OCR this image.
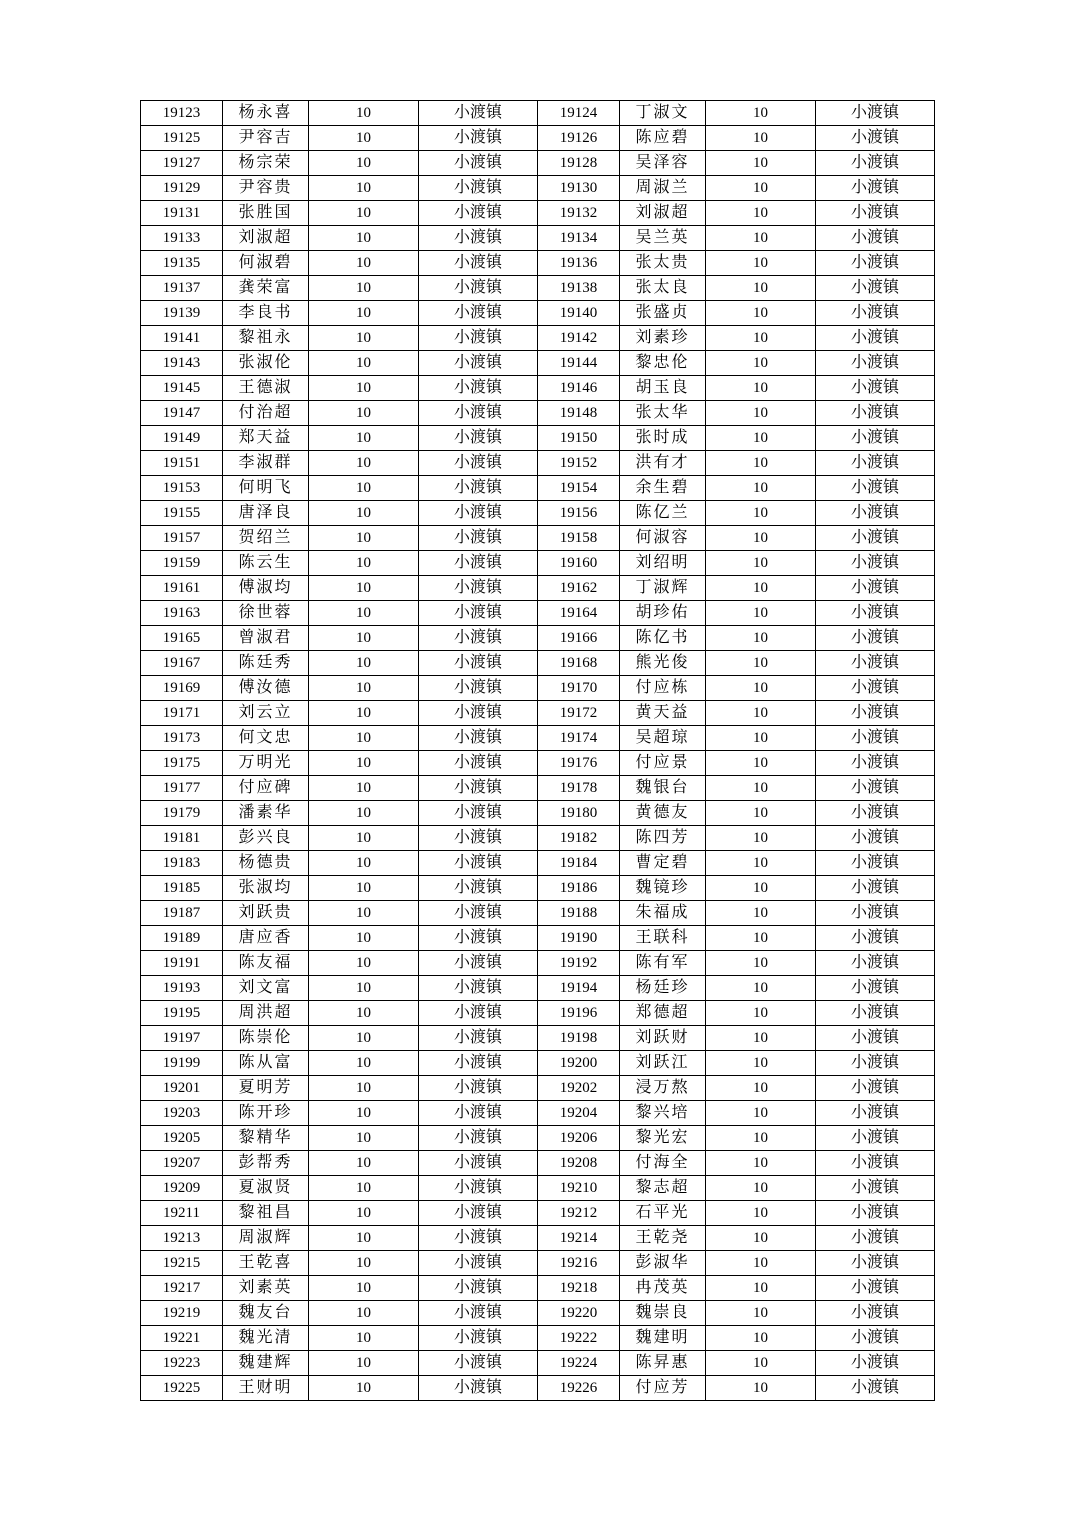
19123	杨永喜	10	小渡镇	19124	丁淑文	10	小渡镇
19125	尹容吉	10	小渡镇	19126	陈应碧	10	小渡镇
19127	杨宗荣	10	小渡镇	19128	吴泽容	10	小渡镇
19129	尹容贵	10	小渡镇	19130	周淑兰	10	小渡镇
19131	张胜国	10	小渡镇	19132	刘淑超	10	小渡镇
19133	刘淑超	10	小渡镇	19134	吴兰英	10	小渡镇
19135	何淑碧	10	小渡镇	19136	张太贵	10	小渡镇
19137	龚荣富	10	小渡镇	19138	张太良	10	小渡镇
19139	李良书	10	小渡镇	19140	张盛贞	10	小渡镇
19141	黎祖永	10	小渡镇	19142	刘素珍	10	小渡镇
19143	张淑伦	10	小渡镇	19144	黎忠伦	10	小渡镇
19145	王德淑	10	小渡镇	19146	胡玉良	10	小渡镇
19147	付治超	10	小渡镇	19148	张太华	10	小渡镇
19149	郑天益	10	小渡镇	19150	张时成	10	小渡镇
19151	李淑群	10	小渡镇	19152	洪有才	10	小渡镇
19153	何明飞	10	小渡镇	19154	余生碧	10	小渡镇
19155	唐泽良	10	小渡镇	19156	陈亿兰	10	小渡镇
19157	贺绍兰	10	小渡镇	19158	何淑容	10	小渡镇
19159	陈云生	10	小渡镇	19160	刘绍明	10	小渡镇
19161	傅淑均	10	小渡镇	19162	丁淑辉	10	小渡镇
19163	徐世蓉	10	小渡镇	19164	胡珍佑	10	小渡镇
19165	曾淑君	10	小渡镇	19166	陈亿书	10	小渡镇
19167	陈廷秀	10	小渡镇	19168	熊光俊	10	小渡镇
19169	傅汝德	10	小渡镇	19170	付应栋	10	小渡镇
19171	刘云立	10	小渡镇	19172	黄天益	10	小渡镇
19173	何文忠	10	小渡镇	19174	吴超琼	10	小渡镇
19175	万明光	10	小渡镇	19176	付应景	10	小渡镇
19177	付应碑	10	小渡镇	19178	魏银台	10	小渡镇
19179	潘素华	10	小渡镇	19180	黄德友	10	小渡镇
19181	彭兴良	10	小渡镇	19182	陈四芳	10	小渡镇
19183	杨德贵	10	小渡镇	19184	曹定碧	10	小渡镇
19185	张淑均	10	小渡镇	19186	魏镜珍	10	小渡镇
19187	刘跃贵	10	小渡镇	19188	朱福成	10	小渡镇
19189	唐应香	10	小渡镇	19190	王联科	10	小渡镇
19191	陈友福	10	小渡镇	19192	陈有军	10	小渡镇
19193	刘文富	10	小渡镇	19194	杨廷珍	10	小渡镇
19195	周洪超	10	小渡镇	19196	郑德超	10	小渡镇
19197	陈崇伦	10	小渡镇	19198	刘跃财	10	小渡镇
19199	陈从富	10	小渡镇	19200	刘跃江	10	小渡镇
19201	夏明芳	10	小渡镇	19202	浸万熬	10	小渡镇
19203	陈开珍	10	小渡镇	19204	黎兴培	10	小渡镇
19205	黎精华	10	小渡镇	19206	黎光宏	10	小渡镇
19207	彭帮秀	10	小渡镇	19208	付海全	10	小渡镇
19209	夏淑贤	10	小渡镇	19210	黎志超	10	小渡镇
19211	黎祖昌	10	小渡镇	19212	石平光	10	小渡镇
19213	周淑辉	10	小渡镇	19214	王乾尧	10	小渡镇
19215	王乾喜	10	小渡镇	19216	彭淑华	10	小渡镇
19217	刘素英	10	小渡镇	19218	冉茂英	10	小渡镇
19219	魏友台	10	小渡镇	19220	魏崇良	10	小渡镇
19221	魏光清	10	小渡镇	19222	魏建明	10	小渡镇
19223	魏建辉	10	小渡镇	19224	陈昇惠	10	小渡镇
19225	王财明	10	小渡镇	19226	付应芳	10	小渡镇
